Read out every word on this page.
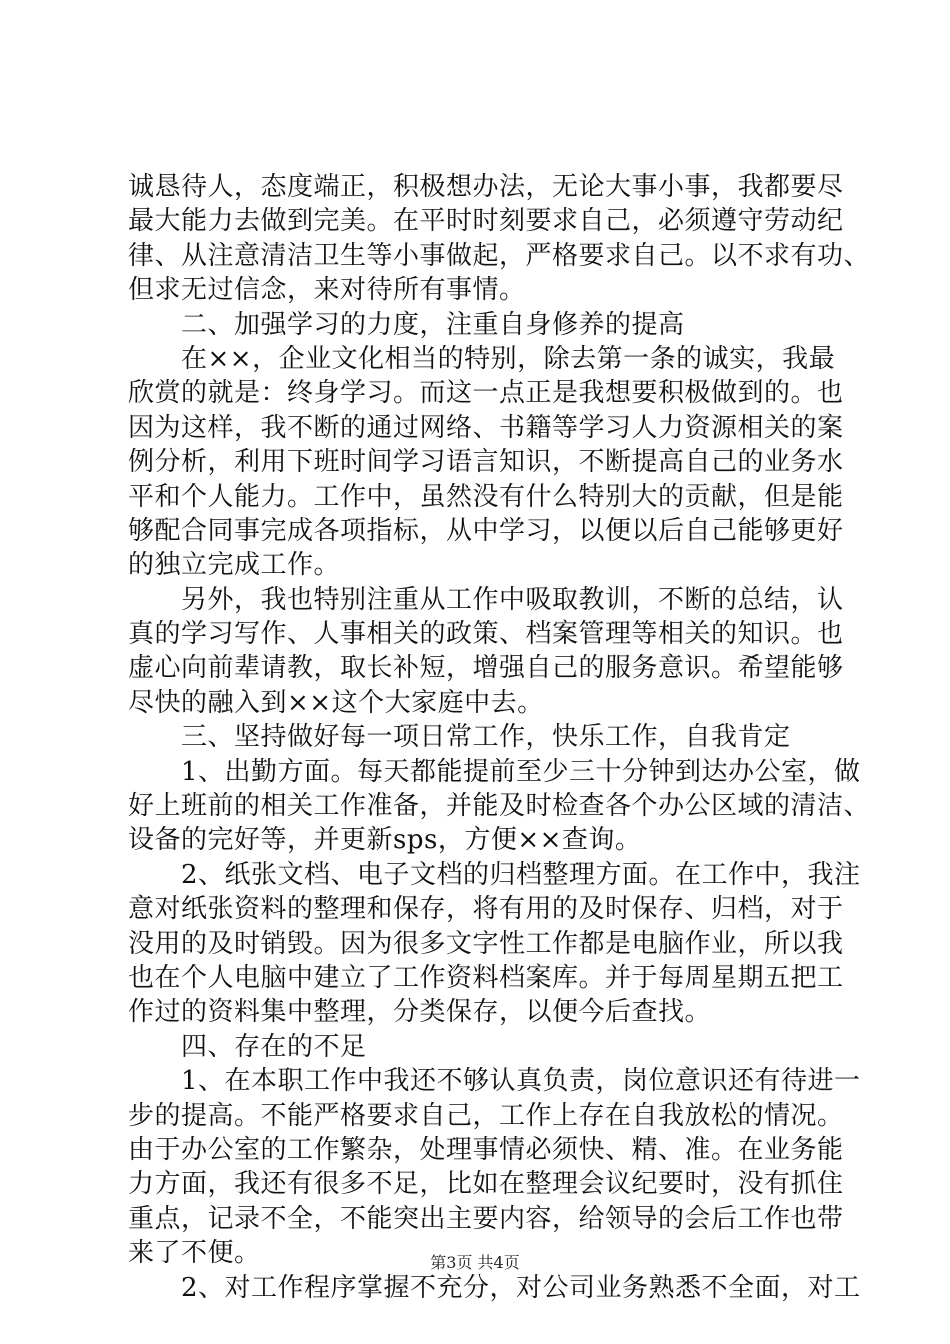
诚恳待人，态度端正，积极想办法，无论大事小事，我都要尽
最大能力去做到完美。在平时时刻要求自己，必须遵守劳动纪
律、从注意清洁卫生等小事做起，严格要求自己。以不求有功、
但求无过信念，来对待所有事情。
　　二、加强学习的力度，注重自身修养的提高
　　在××，企业文化相当的特别，除去第一条的诚实，我最
欣赏的就是：终身学习。而这一点正是我想要积极做到的。也
因为这样，我不断的通过网络、书籍等学习人力资源相关的案
例分析，利用下班时间学习语言知识，不断提高自己的业务水
平和个人能力。工作中，虽然没有什么特别大的贡献，但是能
够配合同事完成各项指标，从中学习，以便以后自己能够更好
的独立完成工作。
　　另外，我也特别注重从工作中吸取教训，不断的总结，认
真的学习写作、人事相关的政策、档案管理等相关的知识。也
虚心向前辈请教，取长补短，增强自己的服务意识。希望能够
尽快的融入到××这个大家庭中去。
　　三、坚持做好每一项日常工作，快乐工作，自我肯定
　　1、出勤方面。每天都能提前至少三十分钟到达办公室，做
好上班前的相关工作准备，并能及时检查各个办公区域的清洁、
设备的完好等，并更新sps，方便××查询。
　　2、纸张文档、电子文档的归档整理方面。在工作中，我注
意对纸张资料的整理和保存，将有用的及时保存、归档，对于
没用的及时销毁。因为很多文字性工作都是电脑作业，所以我
也在个人电脑中建立了工作资料档案库。并于每周星期五把工
作过的资料集中整理，分类保存，以便今后查找。
　　四、存在的不足
　　1、在本职工作中我还不够认真负责，岗位意识还有待进一
步的提高。不能严格要求自己，工作上存在自我放松的情况。
由于办公室的工作繁杂，处理事情必须快、精、准。在业务能
力方面，我还有很多不足，比如在整理会议纪要时，没有抓住
重点，记录不全，不能突出主要内容，给领导的会后工作也带
来了不便。
　　2、对工作程序掌握不充分，对公司业务熟悉不全面，对工
第3页 共4页
